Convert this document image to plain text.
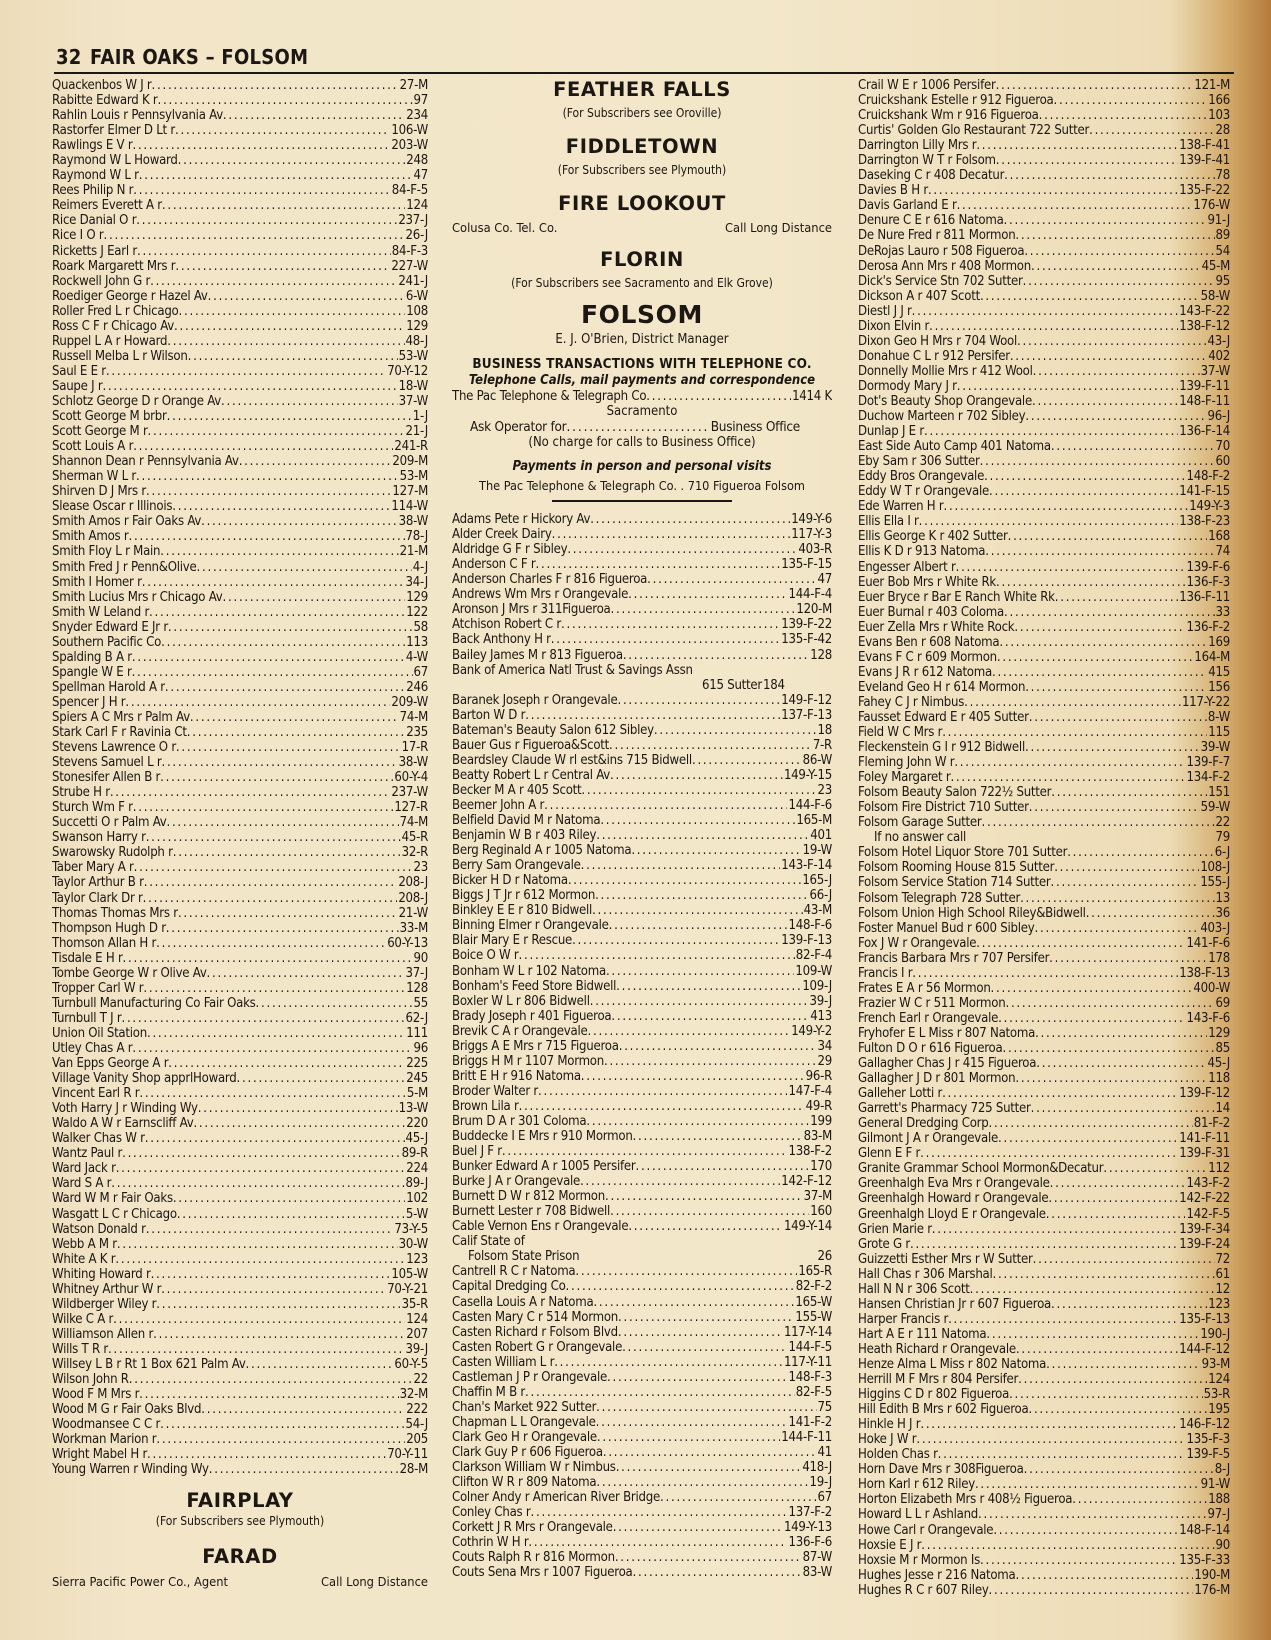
32 FAIR OAKS – FOLSOM
Quackenbos W J r . . .	27-M
Rabitte Edward K r . . .	97
Rahlin Louis r Pennsylvania Av . . .	234
Rastorfer Elmer D Lt r . . .	106-W
Rawlings E V r . . .	203-W
Raymond W L Howard . . .	248
Raymond W L r . . .	47
Rees Philip N r . . .	84-F-5
Reimers Everett A r . . .	124
Rice Danial O r . . .	237-J
Rice I O r . . .	26-J
Ricketts J Earl r . . .	84-F-3
Roark Margarett Mrs r . . .	227-W
Rockwell John G r . . .	241-J
Roediger George r Hazel Av . . .	6-W
Roller Fred L r Chicago . . .	108
Ross C F r Chicago Av . . .	129
Ruppel L A r Howard . . .	48-J
Russell Melba L r Wilson . . .	53-W
Saul E E r . . .	70-Y-12
Saupe J r . . .	18-W
Schlotz George D r Orange Av . . .	37-W
Scott George M brbr . . .	1-J
Scott George M r . . .	21-J
Scott Louis A r . . .	241-R
Shannon Dean r Pennsylvania Av . . .	209-M
Sherman W L r . . .	53-M
Shirven D J Mrs r . . .	127-M
Slease Oscar r Illinois . . .	114-W
Smith Amos r Fair Oaks Av . . .	38-W
Smith Amos r . . .	78-J
Smith Floy L r Main . . .	21-M
Smith Fred J r Penn&Olive . . .	4-J
Smith I Homer r . . .	34-J
Smith Lucius Mrs r Chicago Av . . .	129
Smith W Leland r . . .	122
Snyder Edward E Jr r . . .	58
Southern Pacific Co . . .	113
Spalding B A r . . .	4-W
Spangle W E r . . .	67
Spellman Harold A r . . .	246
Spencer J H r . . .	209-W
Spiers A C Mrs r Palm Av . . .	74-M
Stark Carl F r Ravinia Ct . . .	235
Stevens Lawrence O r . . .	17-R
Stevens Samuel L r . . .	38-W
Stonesifer Allen B r . . .	60-Y-4
Strube H r . . .	237-W
Sturch Wm F r . . .	127-R
Succetti O r Palm Av . . .	74-M
Swanson Harry r . . .	45-R
Swarowsky Rudolph r . . .	32-R
Taber Mary A r . . .	23
Taylor Arthur B r . . .	208-J
Taylor Clark Dr r . . .	208-J
Thomas Thomas Mrs r . . .	21-W
Thompson Hugh D r . . .	33-M
Thomson Allan H r . . .	60-Y-13
Tisdale E H r . . .	90
Tombe George W r Olive Av . . .	37-J
Tropper Carl W r . . .	128
Turnbull Manufacturing Co Fair Oaks . . .	55
Turnbull T J r . . .	62-J
Union Oil Station . . .	111
Utley Chas A r . . .	96
Van Epps George A r . . .	225
Village Vanity Shop apprlHoward . . .	245
Vincent Earl R r . . .	5-M
Voth Harry J r Winding Wy . . .	13-W
Waldo A W r Earnscliff Av . . .	220
Walker Chas W r . . .	45-J
Wantz Paul r . . .	89-R
Ward Jack r . . .	224
Ward S A r . . .	89-J
Ward W M r Fair Oaks . . .	102
Wasgatt L C r Chicago . . .	5-W
Watson Donald r . . .	73-Y-5
Webb A M r . . .	30-W
White A K r . . .	123
Whiting Howard r . . .	105-W
Whitney Arthur W r . . .	70-Y-21
Wildberger Wiley r . . .	35-R
Wilke C A r . . .	124
Williamson Allen r . . .	207
Wills T R r . . .	39-J
Willsey L B r Rt 1 Box 621 Palm Av . . .	60-Y-5
Wilson John R . . .	22
Wood F M Mrs r . . .	32-M
Wood M G r Fair Oaks Blvd . . .	222
Woodmansee C C r . . .	54-J
Workman Marion r . . .	205
Wright Mabel H r . . .	70-Y-11
Young Warren r Winding Wy . . .	28-M
FAIRPLAY
(For Subscribers see Plymouth)
FARAD
Sierra Pacific Power Co., Agent	Call Long Distance
FEATHER FALLS
(For Subscribers see Oroville)
FIDDLETOWN
(For Subscribers see Plymouth)
FIRE LOOKOUT
Colusa Co. Tel. Co.	Call Long Distance
FLORIN
(For Subscribers see Sacramento and Elk Grove)
FOLSOM
E. J. O'Brien, District Manager
BUSINESS TRANSACTIONS WITH TELEPHONE CO.
Telephone Calls, mail payments and correspondence
The Pac Telephone & Telegraph Co . . .	1414 K
Sacramento
Ask Operator for . . .	Business Office
(No charge for calls to Business Office)
Payments in person and personal visits
The Pac Telephone & Telegraph Co. . 710 Figueroa Folsom
Adams Pete r Hickory Av . . .	149-Y-6
Alder Creek Dairy . . .	117-Y-3
Aldridge G F r Sibley . . .	403-R
Anderson C F r . . .	135-F-15
Anderson Charles F r 816 Figueroa . . .	47
Andrews Wm Mrs r Orangevale . . .	144-F-4
Aronson J Mrs r 311Figueroa . . .	120-M
Atchison Robert C r . . .	139-F-22
Back Anthony H r . . .	135-F-42
Bailey James M r 813 Figueroa . . .	128
Bank of America Natl Trust & Savings Assn
615 Sutter 184
Baranek Joseph r Orangevale . . .	149-F-12
Barton W D r . . .	137-F-13
Bateman's Beauty Salon 612 Sibley . . .	18
Bauer Gus r Figueroa&Scott . . .	7-R
Beardsley Claude W rl est&ins 715 Bidwell . . .	86-W
Beatty Robert L r Central Av . . .	149-Y-15
Becker M A r 405 Scott . . .	23
Beemer John A r . . .	144-F-6
Belfield David M r Natoma . . .	165-M
Benjamin W B r 403 Riley . . .	401
Berg Reginald A r 1005 Natoma . . .	19-W
Berry Sam Orangevale . . .	143-F-14
Bicker H D r Natoma . . .	165-J
Biggs J T Jr r 612 Mormon . . .	66-J
Binkley E E r 810 Bidwell . . .	43-M
Binning Elmer r Orangevale . . .	148-F-6
Blair Mary E r Rescue . . .	139-F-13
Boice O W r . . .	82-F-4
Bonham W L r 102 Natoma . . .	109-W
Bonham's Feed Store Bidwell . . .	109-J
Boxler W L r 806 Bidwell . . .	39-J
Brady Joseph r 401 Figueroa . . .	413
Brevik C A r Orangevale . . .	149-Y-2
Briggs A E Mrs r 715 Figueroa . . .	34
Briggs H M r 1107 Mormon . . .	29
Britt E H r 916 Natoma . . .	96-R
Broder Walter r . . .	147-F-4
Brown Lila r . . .	49-R
Brum D A r 301 Coloma . . .	199
Buddecke I E Mrs r 910 Mormon . . .	83-M
Buel J F r . . .	138-F-2
Bunker Edward A r 1005 Persifer . . .	170
Burke J A r Orangevale . . .	142-F-12
Burnett D W r 812 Mormon . . .	37-M
Burnett Lester r 708 Bidwell . . .	160
Cable Vernon Ens r Orangevale . . .	149-Y-14
Calif State of
Folsom State Prison	26
Cantrell R C r Natoma . . .	165-R
Capital Dredging Co . . .	82-F-2
Casella Louis A r Natoma . . .	165-W
Casten Mary C r 514 Mormon . . .	155-W
Casten Richard r Folsom Blvd . . .	117-Y-14
Casten Robert G r Orangevale . . .	144-F-5
Casten William L r . . .	117-Y-11
Castleman J P r Orangevale . . .	148-F-3
Chaffin M B r . . .	82-F-5
Chan's Market 922 Sutter . . .	75
Chapman L L Orangevale . . .	141-F-2
Clark Geo H r Orangevale . . .	144-F-11
Clark Guy P r 606 Figueroa . . .	41
Clarkson William W r Nimbus . . .	418-J
Clifton W R r 809 Natoma . . .	19-J
Colner Andy r American River Bridge . . .	67
Conley Chas r . . .	137-F-2
Corkett J R Mrs r Orangevale . . .	149-Y-13
Cothrin W H r . . .	136-F-6
Couts Ralph R r 816 Mormon . . .	87-W
Couts Sena Mrs r 1007 Figueroa . . .	83-W
Crail W E r 1006 Persifer . . .	121-M
Cruickshank Estelle r 912 Figueroa . . .	166
Cruickshank Wm r 916 Figueroa . . .	103
Curtis' Golden Glo Restaurant 722 Sutter . . .	28
Darrington Lilly Mrs r . . .	138-F-41
Darrington W T r Folsom . . .	139-F-41
Daseking C r 408 Decatur . . .	78
Davies B H r . . .	135-F-22
Davis Garland E r . . .	176-W
Denure C E r 616 Natoma . . .	91-J
De Nure Fred r 811 Mormon . . .	89
DeRojas Lauro r 508 Figueroa . . .	54
Derosa Ann Mrs r 408 Mormon . . .	45-M
Dick's Service Stn 702 Sutter . . .	95
Dickson A r 407 Scott . . .	58-W
Diestl J J r . . .	143-F-22
Dixon Elvin r . . .	138-F-12
Dixon Geo H Mrs r 704 Wool . . .	43-J
Donahue C L r 912 Persifer . . .	402
Donnelly Mollie Mrs r 412 Wool . . .	37-W
Dormody Mary J r . . .	139-F-11
Dot's Beauty Shop Orangevale . . .	148-F-11
Duchow Marteen r 702 Sibley . . .	96-J
Dunlap J E r . . .	136-F-14
East Side Auto Camp 401 Natoma . . .	70
Eby Sam r 306 Sutter . . .	60
Eddy Bros Orangevale . . .	148-F-2
Eddy W T r Orangevale . . .	141-F-15
Ede Warren H r . . .	149-Y-3
Ellis Ella I r . . .	138-F-23
Ellis George K r 402 Sutter . . .	168
Ellis K D r 913 Natoma . . .	74
Engesser Albert r . . .	139-F-6
Euer Bob Mrs r White Rk . . .	136-F-3
Euer Bryce r Bar E Ranch White Rk . . .	136-F-11
Euer Burnal r 403 Coloma . . .	33
Euer Zella Mrs r White Rock . . .	136-F-2
Evans Ben r 608 Natoma . . .	169
Evans F C r 609 Mormon . . .	164-M
Evans J R r 612 Natoma . . .	415
Eveland Geo H r 614 Mormon . . .	156
Fahey C J r Nimbus . . .	117-Y-22
Fausset Edward E r 405 Sutter . . .	8-W
Field W C Mrs r . . .	115
Fleckenstein G I r 912 Bidwell . . .	39-W
Fleming John W r . . .	139-F-7
Foley Margaret r . . .	134-F-2
Folsom Beauty Salon 722½ Sutter . . .	151
Folsom Fire District 710 Sutter . . .	59-W
Folsom Garage Sutter . . .	22
If no answer call	79
Folsom Hotel Liquor Store 701 Sutter . . .	6-J
Folsom Rooming House 815 Sutter . . .	108-J
Folsom Service Station 714 Sutter . . .	155-J
Folsom Telegraph 728 Sutter . . .	13
Folsom Union High School Riley&Bidwell . . .	36
Foster Manuel Bud r 600 Sibley . . .	403-J
Fox J W r Orangevale . . .	141-F-6
Francis Barbara Mrs r 707 Persifer . . .	178
Francis I r . . .	138-F-13
Frates E A r 56 Mormon . . .	400-W
Frazier W C r 511 Mormon . . .	69
French Earl r Orangevale . . .	143-F-6
Fryhofer E L Miss r 807 Natoma . . .	129
Fulton D O r 616 Figueroa . . .	85
Gallagher Chas J r 415 Figueroa . . .	45-J
Gallagher J D r 801 Mormon . . .	118
Galleher Lotti r . . .	139-F-12
Garrett's Pharmacy 725 Sutter . . .	14
General Dredging Corp . . .	81-F-2
Gilmont J A r Orangevale . . .	141-F-11
Glenn E F r . . .	139-F-31
Granite Grammar School Mormon&Decatur . . .	112
Greenhalgh Eva Mrs r Orangevale . . .	143-F-2
Greenhalgh Howard r Orangevale . . .	142-F-22
Greenhalgh Lloyd E r Orangevale . . .	142-F-5
Grien Marie r . . .	139-F-34
Grote G r . . .	139-F-24
Guizzetti Esther Mrs r W Sutter . . .	72
Hall Chas r 306 Marshal . . .	61
Hall N N r 306 Scott . . .	12
Hansen Christian Jr r 607 Figueroa . . .	123
Harper Francis r . . .	135-F-13
Hart A E r 111 Natoma . . .	190-J
Heath Richard r Orangevale . . .	144-F-12
Henze Alma L Miss r 802 Natoma . . .	93-M
Herrill M F Mrs r 804 Persifer . . .	124
Higgins C D r 802 Figueroa . . .	53-R
Hill Edith B Mrs r 602 Figueroa . . .	195
Hinkle H J r . . .	146-F-12
Hoke J W r . . .	135-F-3
Holden Chas r . . .	139-F-5
Horn Dave Mrs r 308Figueroa . . .	8-J
Horn Karl r 612 Riley . . .	91-W
Horton Elizabeth Mrs r 408½ Figueroa . . .	188
Howard L L r Ashland . . .	97-J
Howe Carl r Orangevale . . .	148-F-14
Hoxsie E J r . . .	90
Hoxsie M r Mormon Is . . .	135-F-33
Hughes Jesse r 216 Natoma . . .	190-M
Hughes R C r 607 Riley . . .	176-M
